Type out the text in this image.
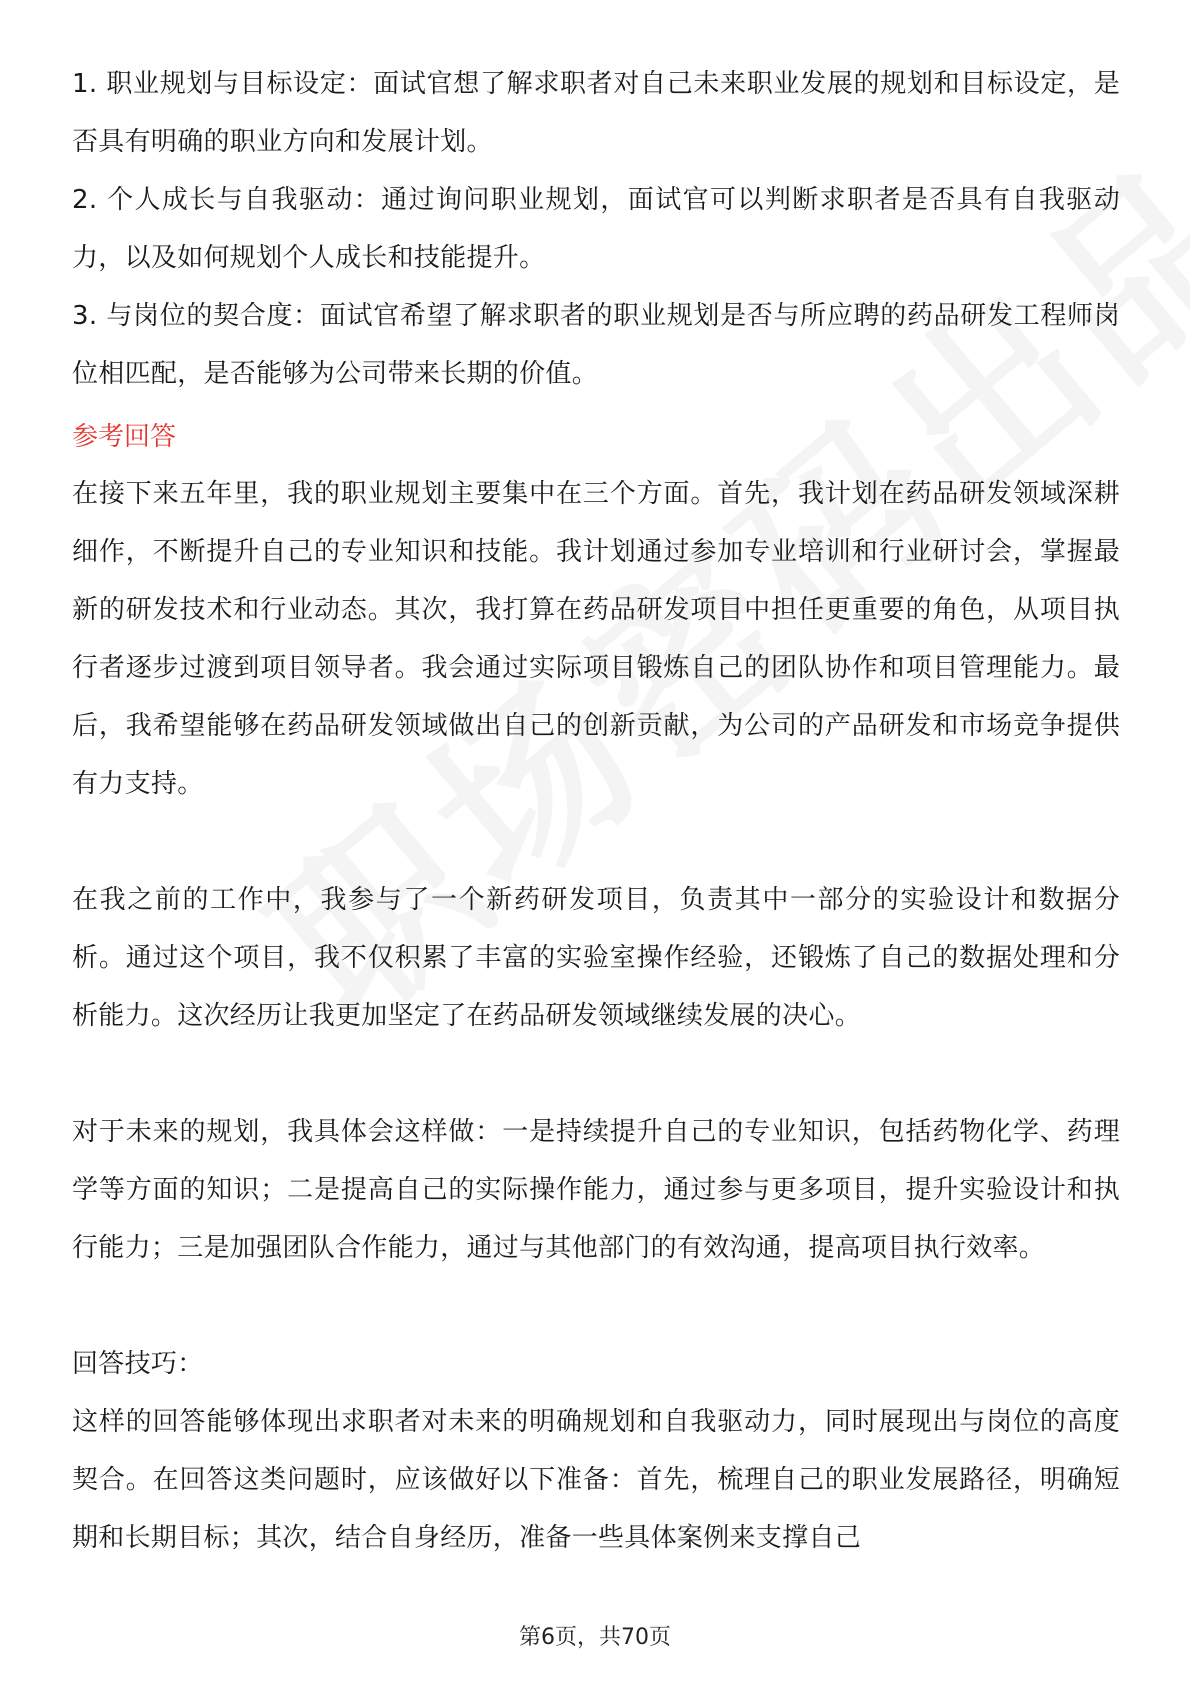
1. 职业规划与目标设定：面试官想了解求职者对自己未来职业发展的规划和目标设定，是否具有明确的职业方向和发展计划。

2. 个人成长与自我驱动：通过询问职业规划，面试官可以判断求职者是否具有自我驱动力，以及如何规划个人成长和技能提升。

3. 与岗位的契合度：面试官希望了解求职者的职业规划是否与所应聘的药品研发工程师岗位相匹配，是否能够为公司带来长期的价值。

参考回答

在接下来五年里，我的职业规划主要集中在三个方面。首先，我计划在药品研发领域深耕细作，不断提升自己的专业知识和技能。我计划通过参加专业培训和行业研讨会，掌握最新的研发技术和行业动态。其次，我打算在药品研发项目中担任更重要的角色，从项目执行者逐步过渡到项目领导者。我会通过实际项目锻炼自己的团队协作和项目管理能力。最后，我希望能够在药品研发领域做出自己的创新贡献，为公司的产品研发和市场竞争提供有力支持。

在我之前的工作中，我参与了一个新药研发项目，负责其中一部分的实验设计和数据分析。通过这个项目，我不仅积累了丰富的实验室操作经验，还锻炼了自己的数据处理和分析能力。这次经历让我更加坚定了在药品研发领域继续发展的决心。

对于未来的规划，我具体会这样做：一是持续提升自己的专业知识，包括药物化学、药理学等方面的知识；二是提高自己的实际操作能力，通过参与更多项目，提升实验设计和执行能力；三是加强团队合作能力，通过与其他部门的有效沟通，提高项目执行效率。

回答技巧：

这样的回答能够体现出求职者对未来的明确规划和自我驱动力，同时展现出与岗位的高度契合。在回答这类问题时，应该做好以下准备：首先，梳理自己的职业发展路径，明确短期和长期目标；其次，结合自身经历，准备一些具体案例来支撑自己

第6页，共70页
